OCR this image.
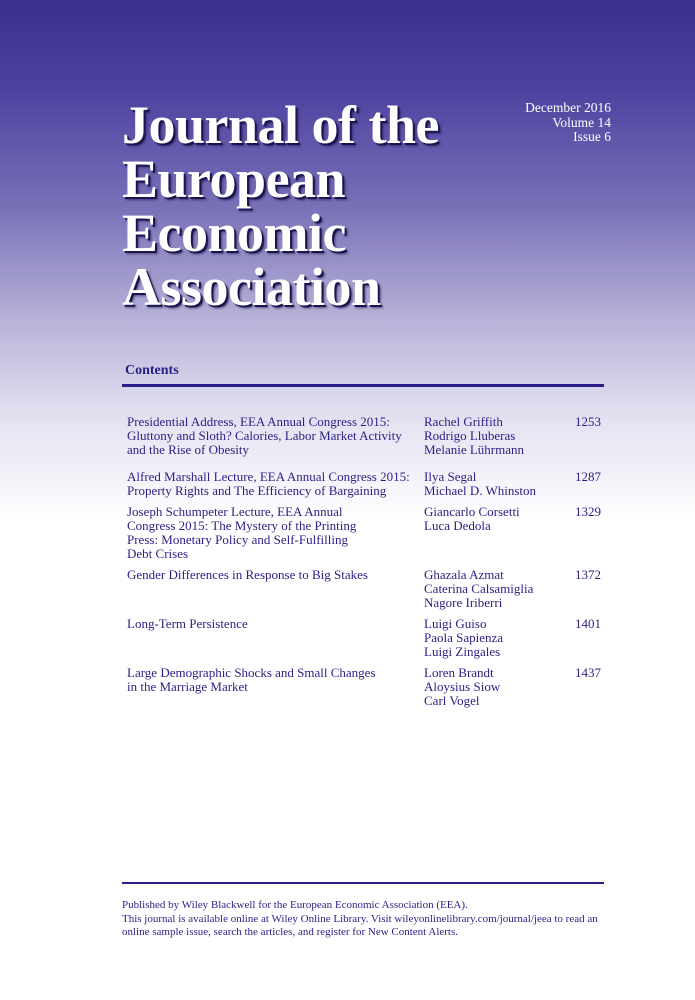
Journal of the
European
Economic
Association
December 2016
Volume 14
Issue 6
Contents
Presidential Address, EEA Annual Congress 2015:
Gluttony and Sloth? Calories, Labor Market Activity
and the Rise of Obesity
Rachel Griffith
Rodrigo Lluberas
Melanie Lührmann
1253
Alfred Marshall Lecture, EEA Annual Congress 2015:
Property Rights and The Efficiency of Bargaining
Ilya Segal
Michael D. Whinston
1287
Joseph Schumpeter Lecture, EEA Annual
Congress 2015: The Mystery of the Printing
Press: Monetary Policy and Self-Fulfilling
Debt Crises
Giancarlo Corsetti
Luca Dedola
1329
Gender Differences in Response to Big Stakes	Ghazala Azmat
Caterina Calsamiglia
Nagore Iriberri
1372
Long-Term Persistence	Luigi Guiso
Paola Sapienza
Luigi Zingales
1401
Large Demographic Shocks and Small Changes
in the Marriage Market
Loren Brandt
Aloysius Siow
Carl Vogel
1437
Published by Wiley Blackwell for the European Economic Association (EEA).
This journal is available online at Wiley Online Library. Visit wileyonlinelibrary.com/journal/jeea to read an
online sample issue, search the articles, and register for New Content Alerts.
